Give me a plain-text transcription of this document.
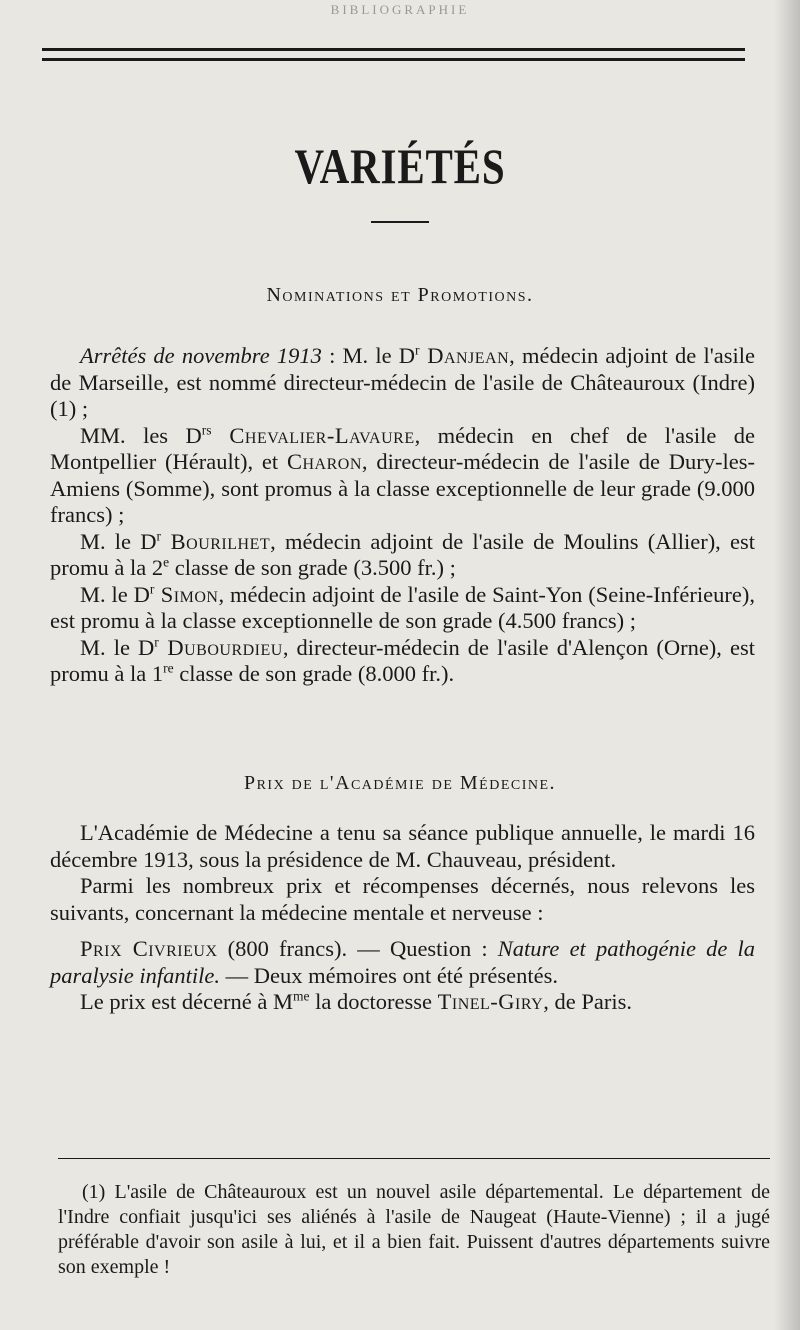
BIBLIOGRAPHIE
VARIÉTÉS
Nominations et Promotions.

Arrêtés de novembre 1913 : M. le $D^r$ Danjean, médecin adjoint de l'asile de Marseille, est nommé directeur-médecin de l'asile de Châteauroux (Indre) (1) ;

MM. les $D^{rs}$ Chevalier-Lavaure, médecin en chef de l'asile de Montpellier (Hérault), et Charon, directeur-médecin de l'asile de Dury-les-Amiens (Somme), sont promus à la classe exceptionnelle de leur grade (9.000 francs) ;

M. le $D^r$ Bourilhet, médecin adjoint de l'asile de Moulins (Allier), est promu à la 2e classe de son grade (3.500 fr.) ;

M. le $D^r$ Simon, médecin adjoint de l'asile de Saint-Yon (Seine-Inférieure), est promu à la classe exceptionnelle de son grade (4.500 francs) ;

M. le $D^r$ Dubourdieu, directeur-médecin de l'asile d'Alençon (Orne), est promu à la 1re classe de son grade (8.000 fr.).

Prix de l'Académie de Médecine.

L'Académie de Médecine a tenu sa séance publique annuelle, le mardi 16 décembre 1913, sous la présidence de M. Chauveau, président.

Parmi les nombreux prix et récompenses décernés, nous relevons les suivants, concernant la médecine mentale et nerveuse :

Prix Civrieux (800 francs). — Question : Nature et pathogénie de la paralysie infantile. — Deux mémoires ont été présentés.

Le prix est décerné à $M^{me}$ la doctoresse Tinel-Giry, de Paris.

(1) L'asile de Châteauroux est un nouvel asile départemental. Le département de l'Indre confiait jusqu'ici ses aliénés à l'asile de Naugeat (Haute-Vienne) ; il a jugé préférable d'avoir son asile à lui, et il a bien fait. Puissent d'autres départements suivre son exemple !
